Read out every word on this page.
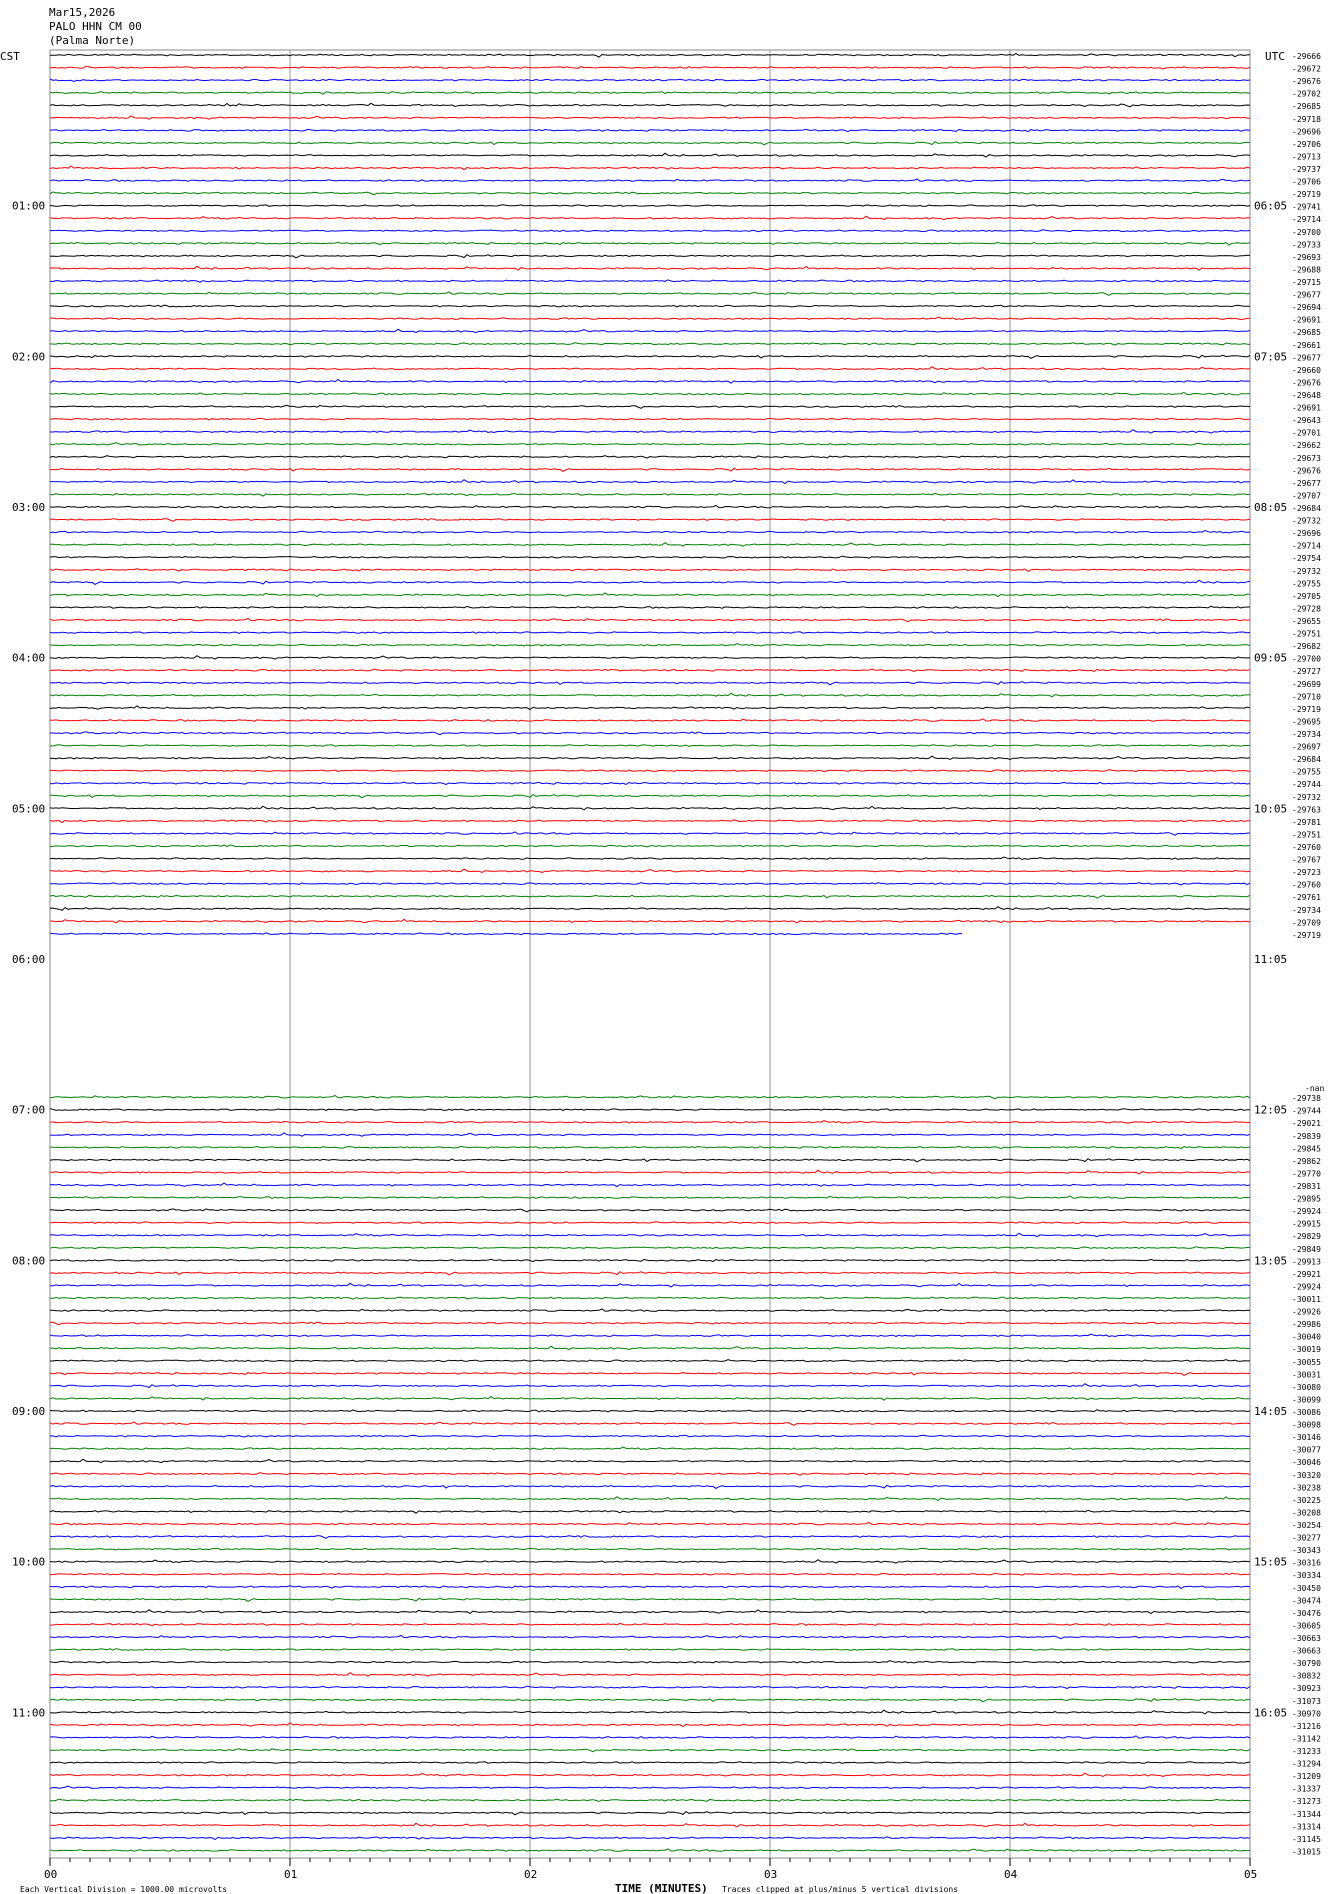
-29666
-29672
-29676
-29702
-29685
-29718
-29696
-29706
-29713
-29737
-29706
-29719
-29741
-29714
-29700
-29733
-29693
-29688
-29715
-29677
-29694
-29691
-29685
-29661
-29677
-29660
-29676
-29648
-29691
-29643
-29701
-29662
-29673
-29676
-29677
-29707
-29684
-29732
-29696
-29714
-29754
-29732
-29755
-29705
-29728
-29655
-29751
-29682
-29700
-29727
-29699
-29710
-29719
-29695
-29734
-29697
-29684
-29755
-29744
-29732
-29763
-29781
-29751
-29760
-29767
-29723
-29760
-29761
-29734
-29709
-29719
-29738
-29744
-29021
-29839
-29845
-29862
-29770
-29831
-29895
-29924
-29915
-29829
-29849
-29913
-29921
-29924
-30011
-29926
-29986
-30040
-30019
-30055
-30031
-30080
-30099
-30086
-30098
-30146
-30077
-30046
-30320
-30238
-30225
-30208
-30254
-30277
-30343
-30316
-30334
-30450
-30474
-30476
-30605
-30663
-30663
-30790
-30832
-30923
-31073
-30970
-31216
-31142
-31233
-31294
-31209
-31337
-31273
-31344
-31314
-31145
-31015
-nan
01:00
02:00
03:00
04:00
05:00
06:00
07:00
08:00
09:00
10:00
11:00
06:05
07:05
08:05
09:05
10:05
11:05
12:05
13:05
14:05
15:05
16:05
00	01	02	03	04	05
TIME (MINUTES)
Each Vertical Division = 1000.00 microvolts	Traces clipped at plus/minus 5 vertical divisions
Mar15,2026
PALO HHN CM 00
(Palma Norte)
CST	UTC
